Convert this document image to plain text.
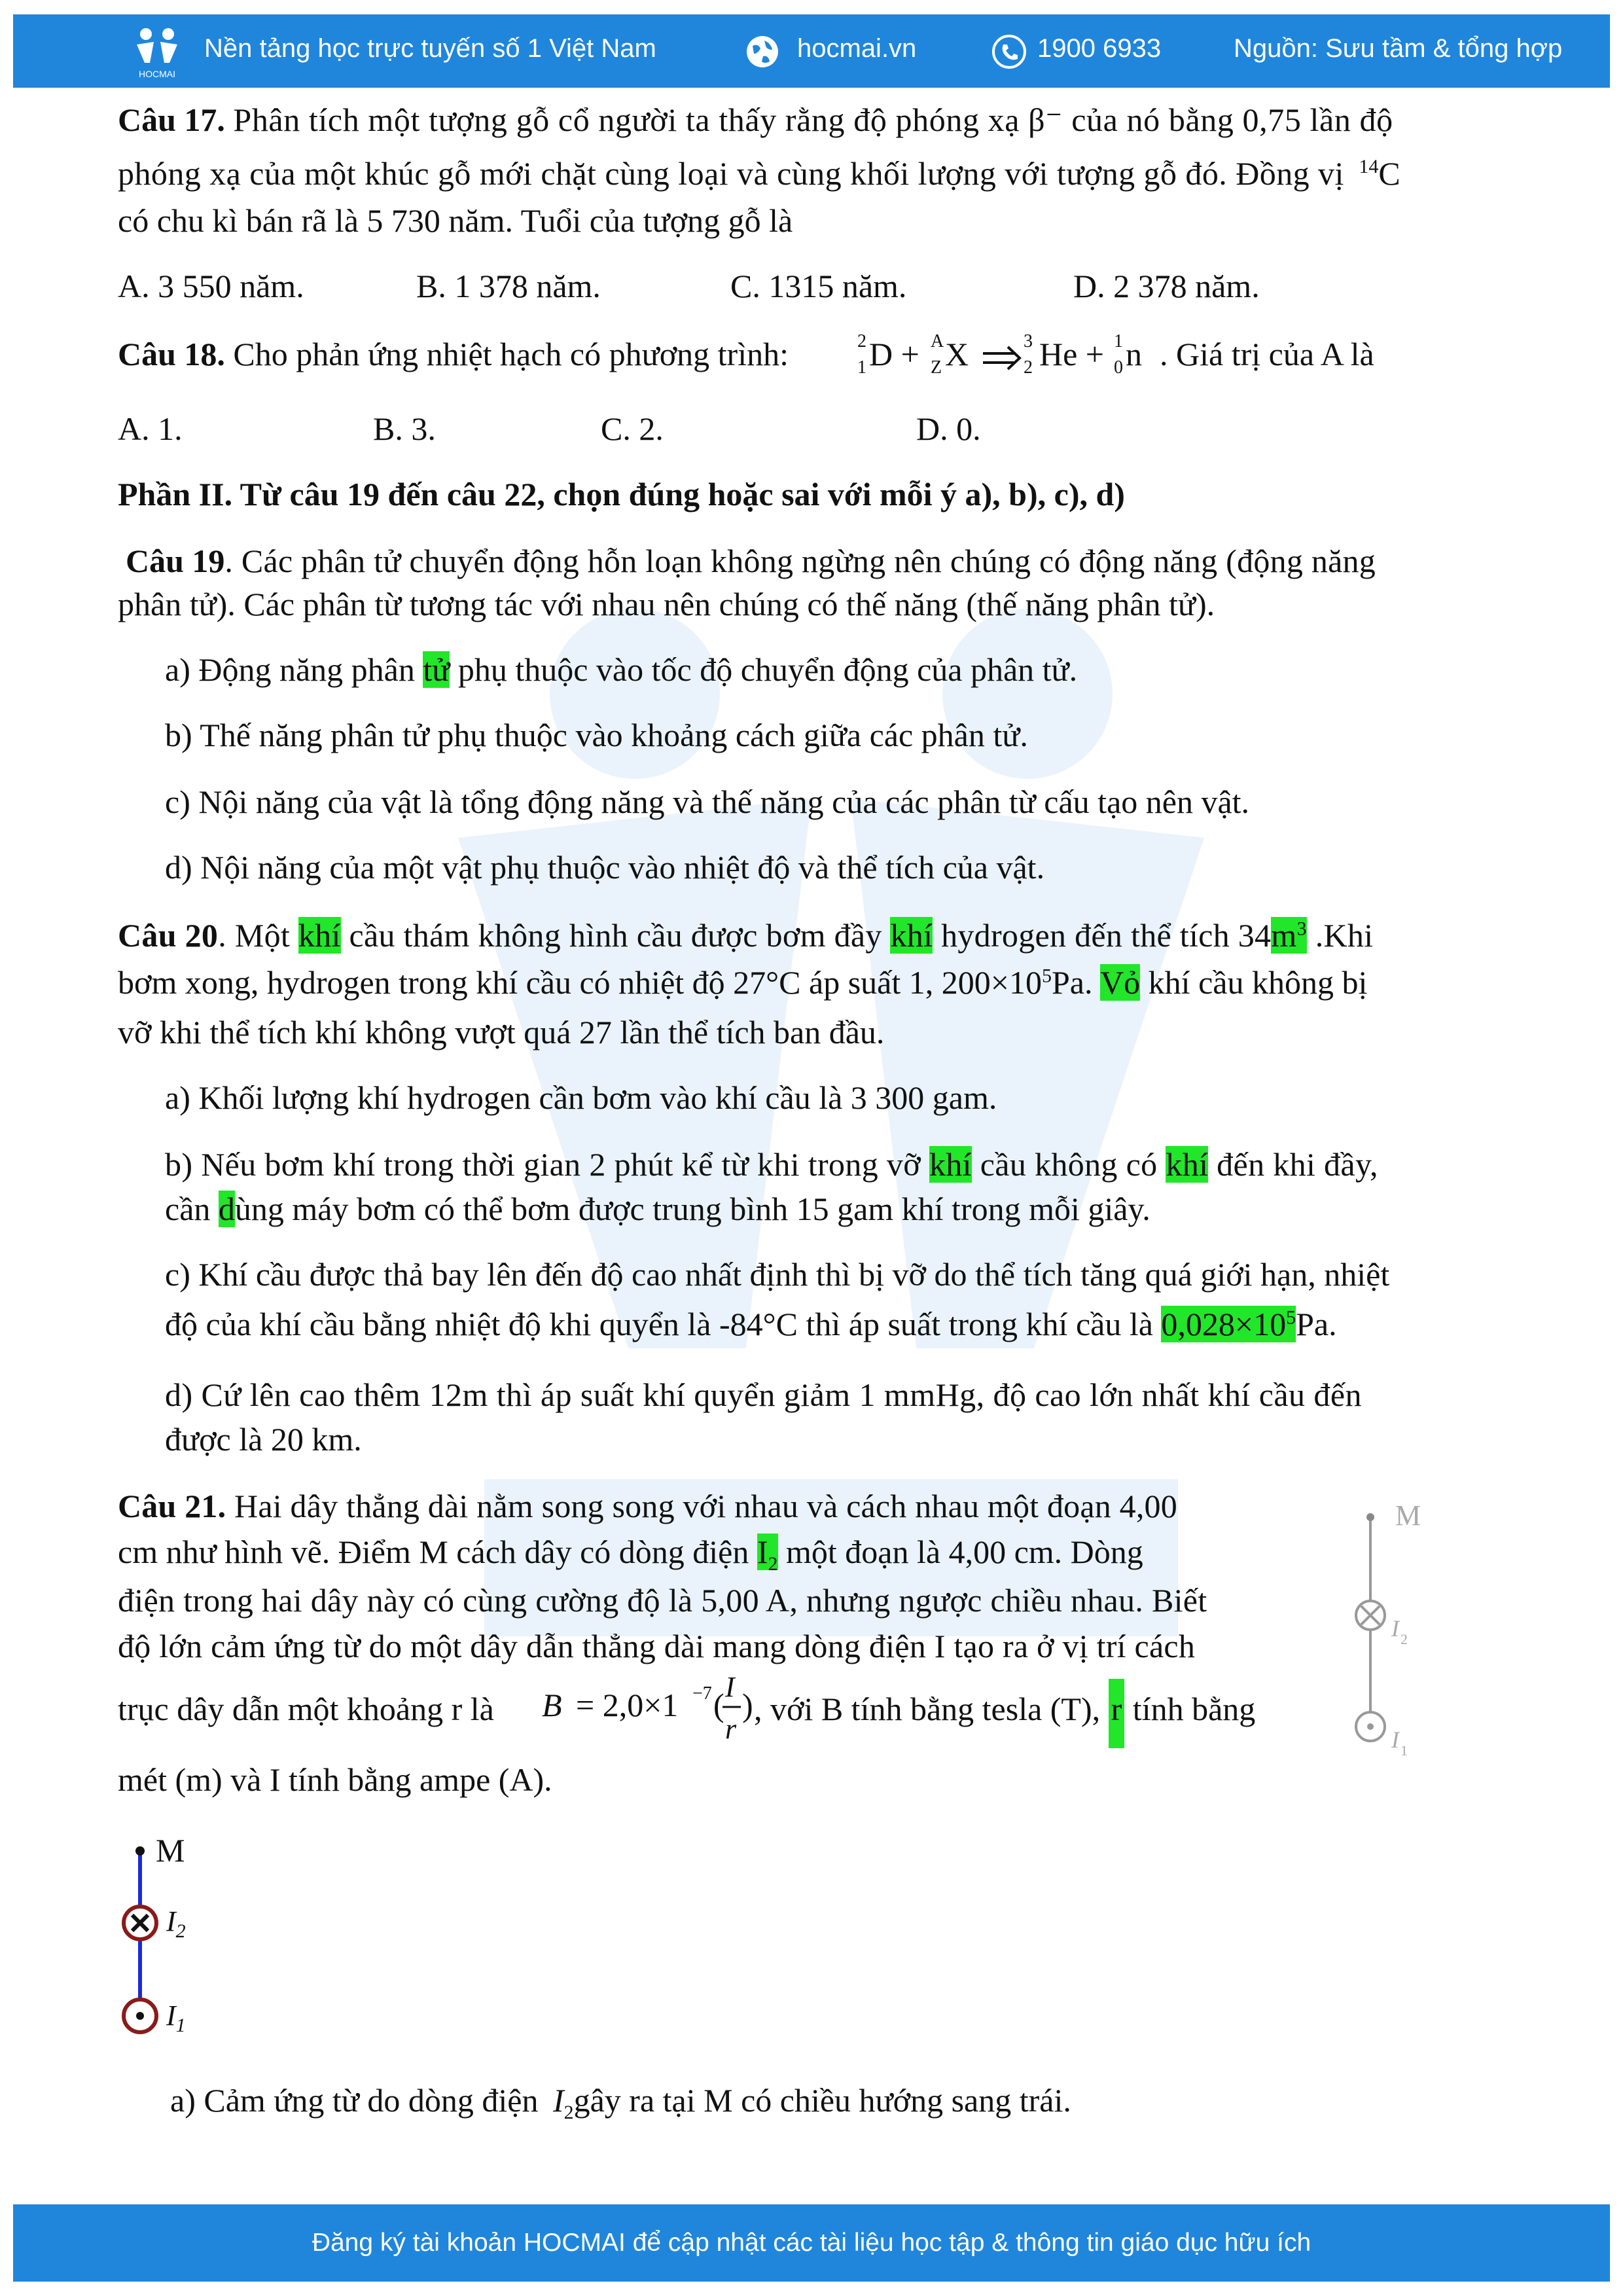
HOCMAI
Nền tảng học trực tuyến số 1 Việt Nam	hocmai.vn	1900 6933	Nguồn: Sưu tầm & tổng hợp
Câu 17. Phân tích một tượng gỗ cổ người ta thấy rằng độ phóng xạ β⁻ của nó bằng 0,75 lần độ
phóng xạ của một khúc gỗ mới chặt cùng loại và cùng khối lượng với tượng gỗ đó. Đồng vị $^{14}$C
có chu kì bán rã là 5 730 năm. Tuổi của tượng gỗ là
A. 3 550 năm.	B. 1 378 năm.	C. 1315 năm.	D. 2 378 năm.
Câu 18. Cho phản ứng nhiệt hạch có phương trình:	2
1 D + A
Z X	3
2 He + 1
0 n . Giá trị của A là
A. 1.	B. 3.	C. 2.	D. 0.
Phần II. Từ câu 19 đến câu 22, chọn đúng hoặc sai với mỗi ý a), b), c), d)
Câu 19. Các phân tử chuyển động hỗn loạn không ngừng nên chúng có động năng (động năng
phân tử). Các phân từ tương tác với nhau nên chúng có thế năng (thế năng phân tử).
a) Động năng phân tử phụ thuộc vào tốc độ chuyển động của phân tử.
b) Thế năng phân tử phụ thuộc vào khoảng cách giữa các phân tử.
c) Nội năng của vật là tổng động năng và thế năng của các phân từ cấu tạo nên vật.
d) Nội năng của một vật phụ thuộc vào nhiệt độ và thể tích của vật.
Câu 20. Một khí cầu thám không hình cầu được bơm đầy khí hydrogen đến thể tích $34m^3$ .Khi
bơm xong, hydrogen trong khí cầu có nhiệt độ 27°C áp suất 1, $200\times 10^5Pa$. Vỏ khí cầu không bị
vỡ khi thể tích khí không vượt quá 27 lần thể tích ban đầu.
a) Khối lượng khí hydrogen cần bơm vào khí cầu là 3 300 gam.
b) Nếu bơm khí trong thời gian 2 phút kể từ khi trong vỡ khí cầu không có khí đến khi đầy,
cần dùng máy bơm có thể bơm được trung bình 15 gam khí trong mỗi giây.
c) Khí cầu được thả bay lên đến độ cao nhất định thì bị vỡ do thể tích tăng quá giới hạn, nhiệt
độ của khí cầu bằng nhiệt độ khi quyển là -84°C thì áp suất trong khí cầu là $0,028\times 10^5Pa$.
d) Cứ lên cao thêm 12m thì áp suất khí quyển giảm 1 mmHg, độ cao lớn nhất khí cầu đến
được là 20 km.
Câu 21. Hai dây thẳng dài nằm song song với nhau và cách nhau một đoạn 4,00
cm như hình vẽ. Điểm M cách dây có dòng điện $I_2$ một đoạn là 4,00 cm. Dòng
điện trong hai dây này có cùng cường độ là 5,00 A, nhưng ngược chiều nhau. Biết
độ lớn cảm ứng từ do một dây dẫn thẳng dài mang dòng điện I tạo ra ở vị trí cách
trục dây dẫn một khoảng r là B = 2,0×1 −7 ( I
r
) , với B tính bằng tesla (T), r tính bằng
mét (m) và I tính bằng ampe (A).
M
I 2
I 1
M
$I_2$
$I_1$
a) Cảm ứng từ do dòng điện $I_2gây$ ra tại M có chiều hướng sang trái.
Đăng ký tài khoản HOCMAI để cập nhật các tài liệu học tập & thông tin giáo dục hữu ích
